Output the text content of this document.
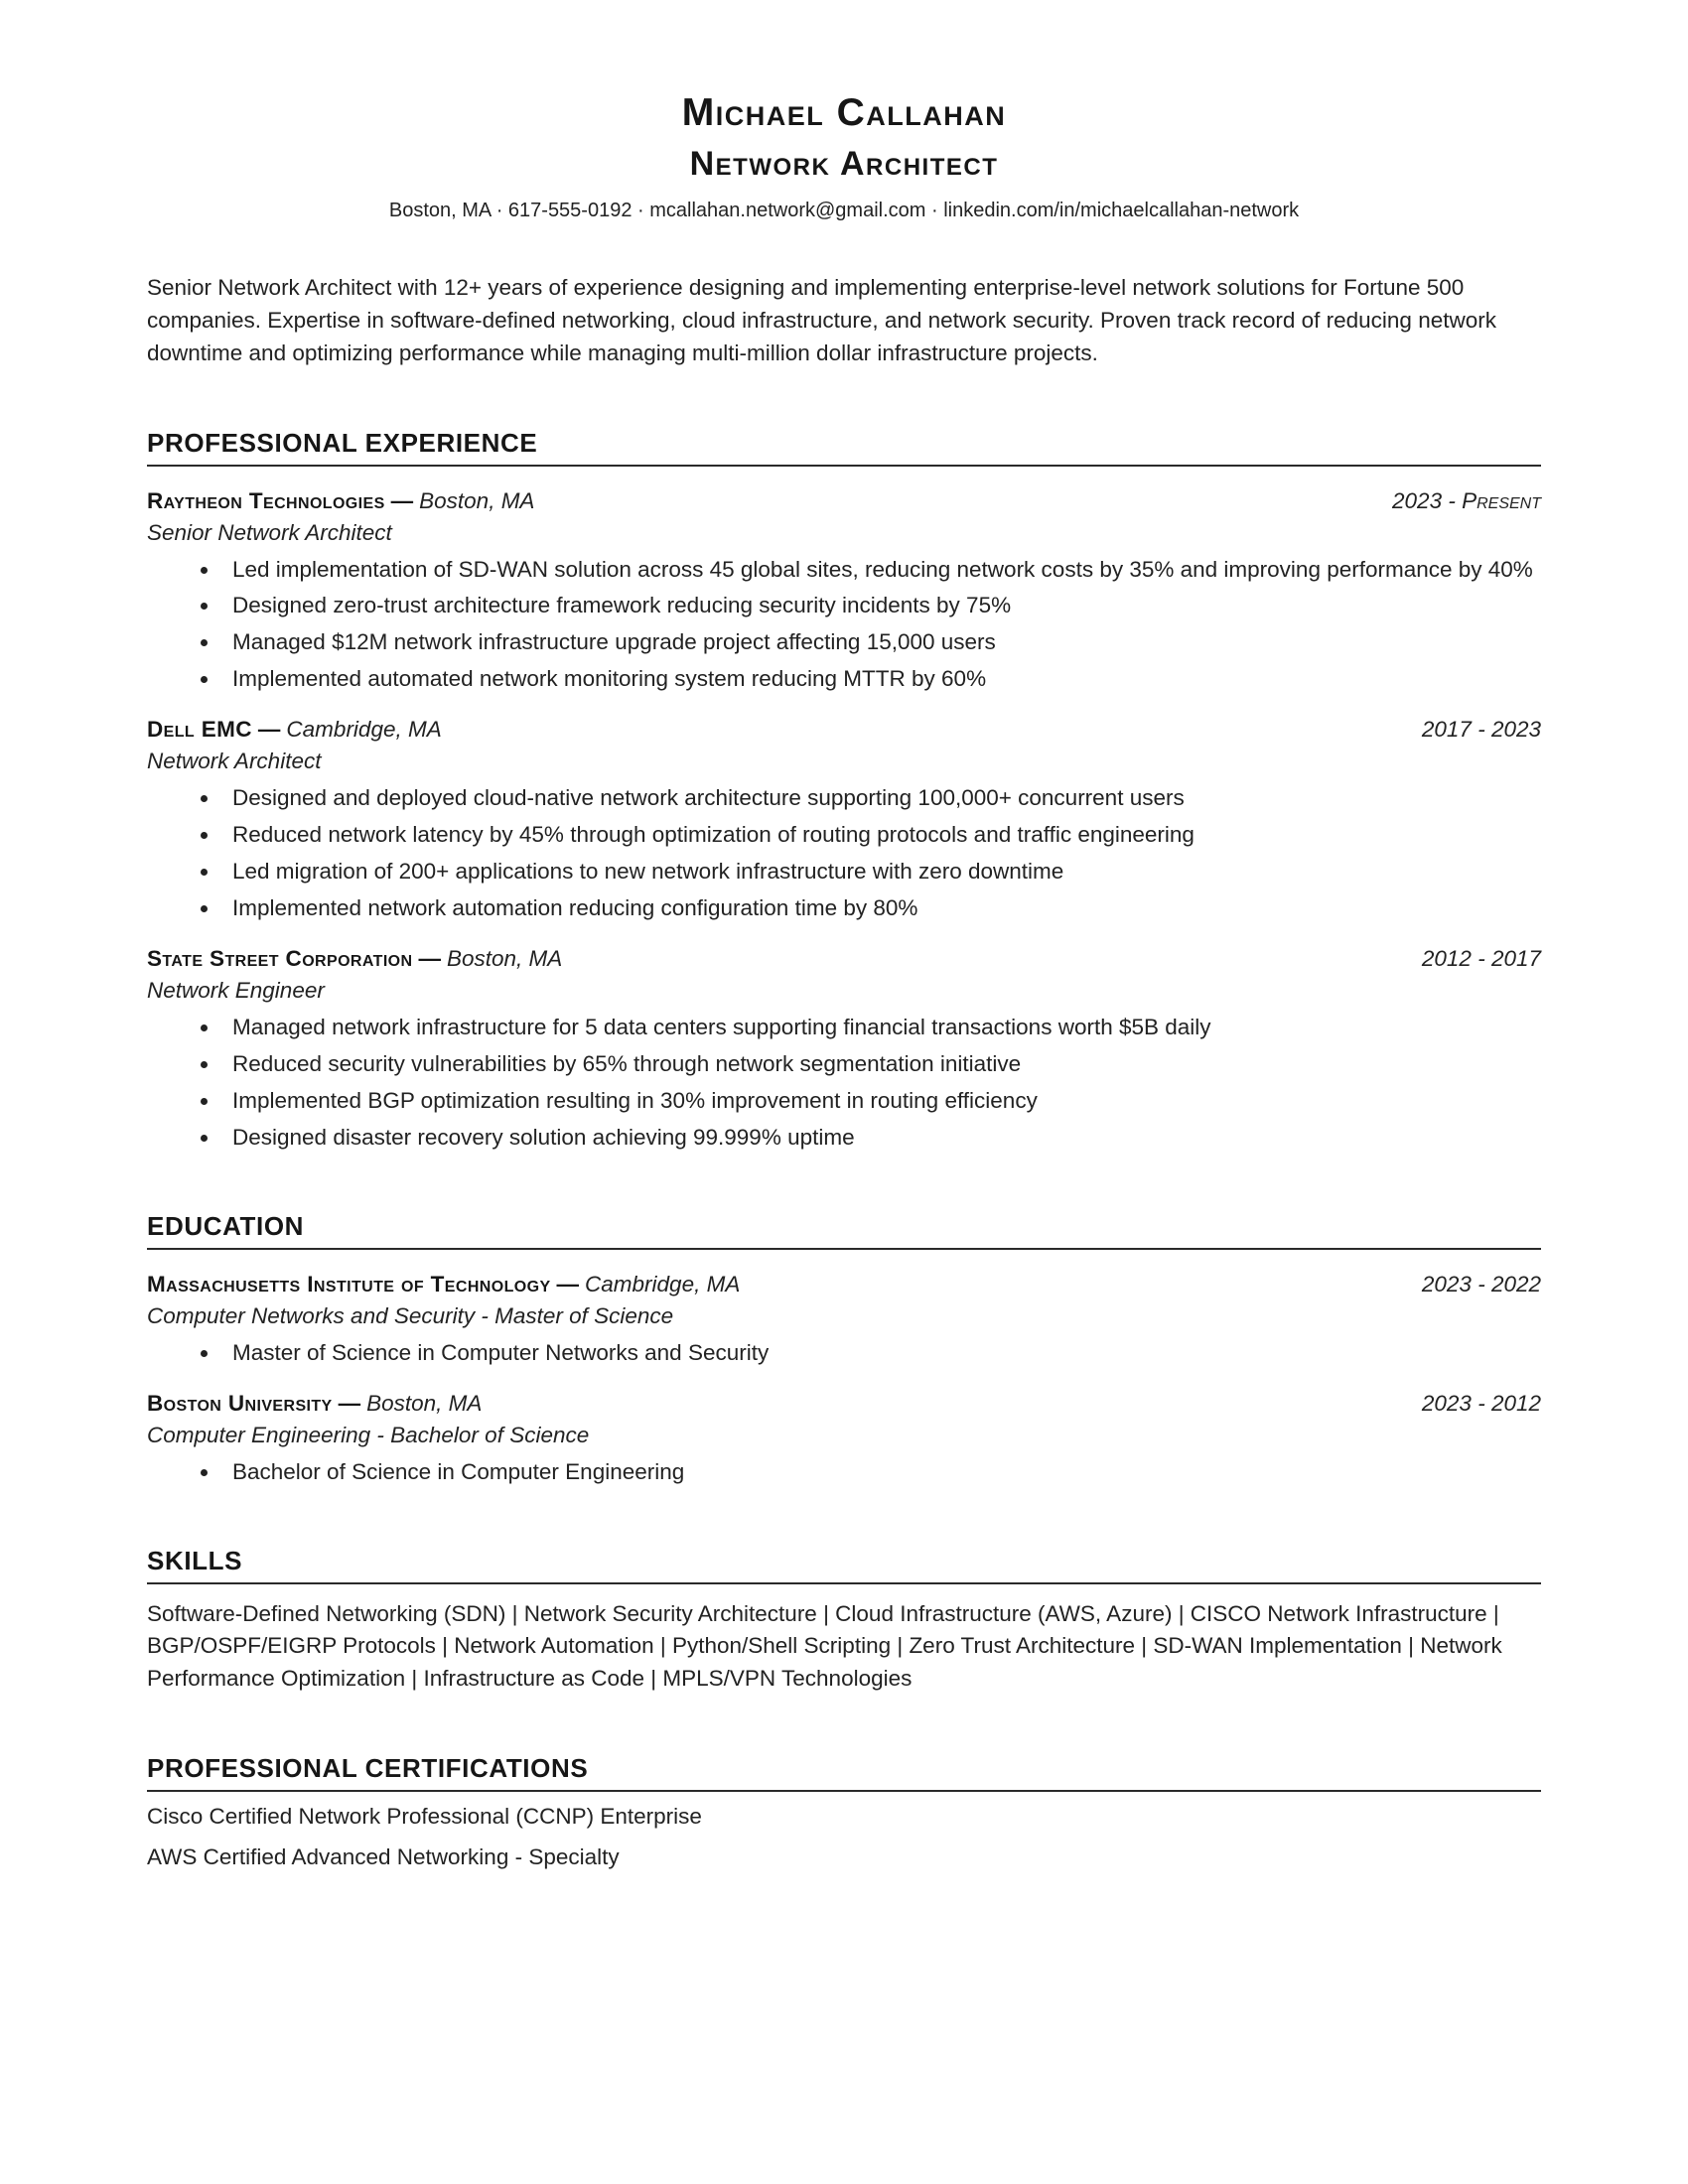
Michael Callahan
Network Architect

Boston, MA · 617-555-0192 · mcallahan.network@gmail.com · linkedin.com/in/michaelcallahan-network

Senior Network Architect with 12+ years of experience designing and implementing enterprise-level network solutions for Fortune 500 companies. Expertise in software-defined networking, cloud infrastructure, and network security. Proven track record of reducing network downtime and optimizing performance while managing multi-million dollar infrastructure projects.

PROFESSIONAL EXPERIENCE
Raytheon Technologies — Boston, MA	2023 - Present
Senior Network Architect
• Led implementation of SD-WAN solution across 45 global sites, reducing network costs by 35% and improving performance by 40%
• Designed zero-trust architecture framework reducing security incidents by 75%
• Managed $12M network infrastructure upgrade project affecting 15,000 users
• Implemented automated network monitoring system reducing MTTR by 60%
Dell EMC — Cambridge, MA	2017 - 2023
Network Architect
• Designed and deployed cloud-native network architecture supporting 100,000+ concurrent users
• Reduced network latency by 45% through optimization of routing protocols and traffic engineering
• Led migration of 200+ applications to new network infrastructure with zero downtime
• Implemented network automation reducing configuration time by 80%
State Street Corporation — Boston, MA	2012 - 2017
Network Engineer
• Managed network infrastructure for 5 data centers supporting financial transactions worth $5B daily
• Reduced security vulnerabilities by 65% through network segmentation initiative
• Implemented BGP optimization resulting in 30% improvement in routing efficiency
• Designed disaster recovery solution achieving 99.999% uptime
EDUCATION
Massachusetts Institute of Technology — Cambridge, MA	2023 - 2022
Computer Networks and Security - Master of Science
• Master of Science in Computer Networks and Security
Boston University — Boston, MA	2023 - 2012
Computer Engineering - Bachelor of Science
• Bachelor of Science in Computer Engineering
SKILLS

Software-Defined Networking (SDN) | Network Security Architecture | Cloud Infrastructure (AWS, Azure) | CISCO Network Infrastructure | BGP/OSPF/EIGRP Protocols | Network Automation | Python/Shell Scripting | Zero Trust Architecture | SD-WAN Implementation | Network Performance Optimization | Infrastructure as Code | MPLS/VPN Technologies

PROFESSIONAL CERTIFICATIONS
Cisco Certified Network Professional (CCNP) Enterprise
AWS Certified Advanced Networking - Specialty
